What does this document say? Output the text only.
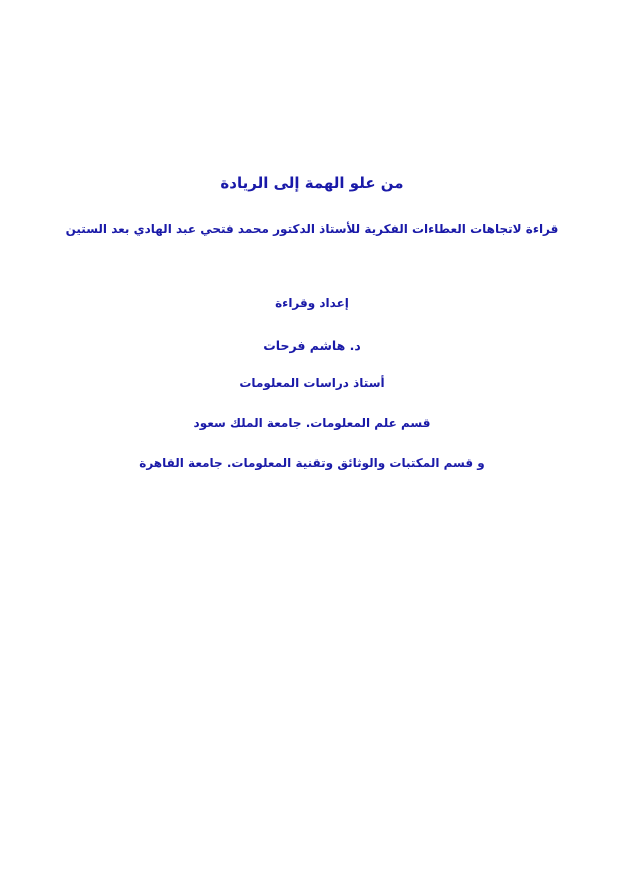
من علو الهمة إلى الريادة
قراءة لاتجاهات العطاءات الفكرية للأستاذ الدكتور محمد فتحي عبد الهادي بعد الستين
إعداد وقراءة
د. هاشم فرحات
أستاذ دراسات المعلومات
قسم علم المعلومات. جامعة الملك سعود
و قسم المكتبات والوثائق وتقنية المعلومات. جامعة القاهرة
